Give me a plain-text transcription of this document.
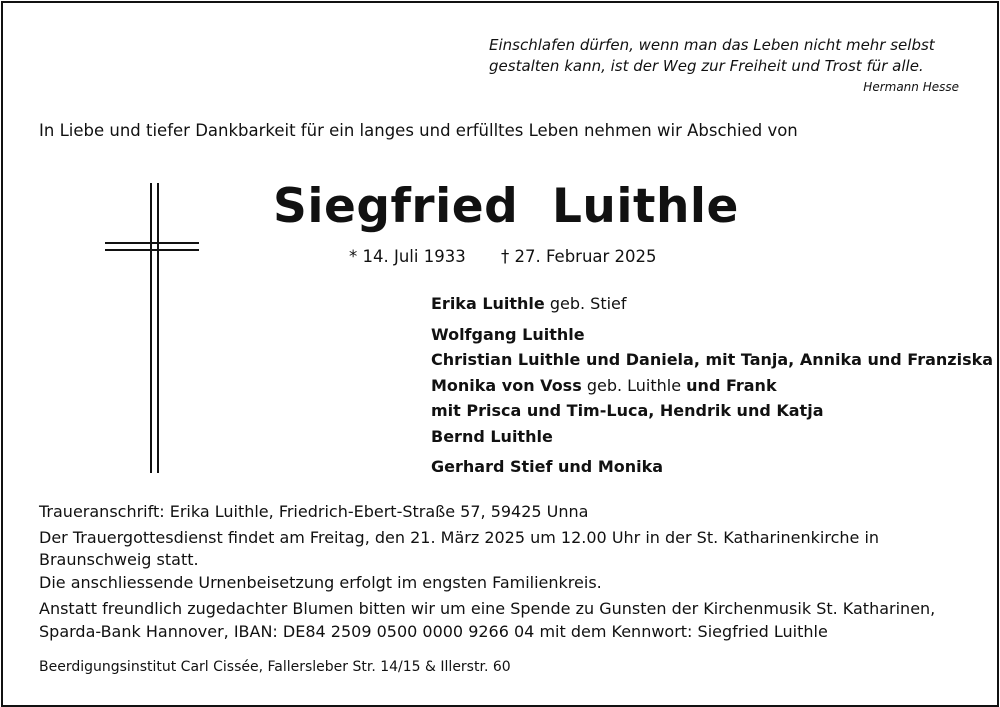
Einschlafen dürfen, wenn man das Leben nicht mehr selbst
gestalten kann, ist der Weg zur Freiheit und Trost für alle.
Hermann Hesse
In Liebe und tiefer Dankbarkeit für ein langes und erfülltes Leben nehmen wir Abschied von
Siegfried  Luithle
* 14. Juli 1933 † 27. Februar 2025
Erika Luithle geb. Stief
Wolfgang Luithle
Christian Luithle und Daniela, mit Tanja, Annika und Franziska
Monika von Voss geb. Luithle und Frank
mit Prisca und Tim-Luca, Hendrik und Katja
Bernd Luithle
Gerhard Stief und Monika

Traueranschrift: Erika Luithle, Friedrich-Ebert-Straße 57, 59425 Unna

Der Trauergottesdienst findet am Freitag, den 21. März 2025 um 12.00 Uhr in der St. Katharinenkirche in Braunschweig statt.

Die anschliessende Urnenbeisetzung erfolgt im engsten Familienkreis.

Anstatt freundlich zugedachter Blumen bitten wir um eine Spende zu Gunsten der Kirchenmusik St. Katharinen, Sparda-Bank Hannover, IBAN: DE84 2509 0500 0000 9266 04 mit dem Kennwort: Siegfried Luithle

Beerdigungsinstitut Carl Cissée, Fallersleber Str. 14/15 & Illerstr. 60
